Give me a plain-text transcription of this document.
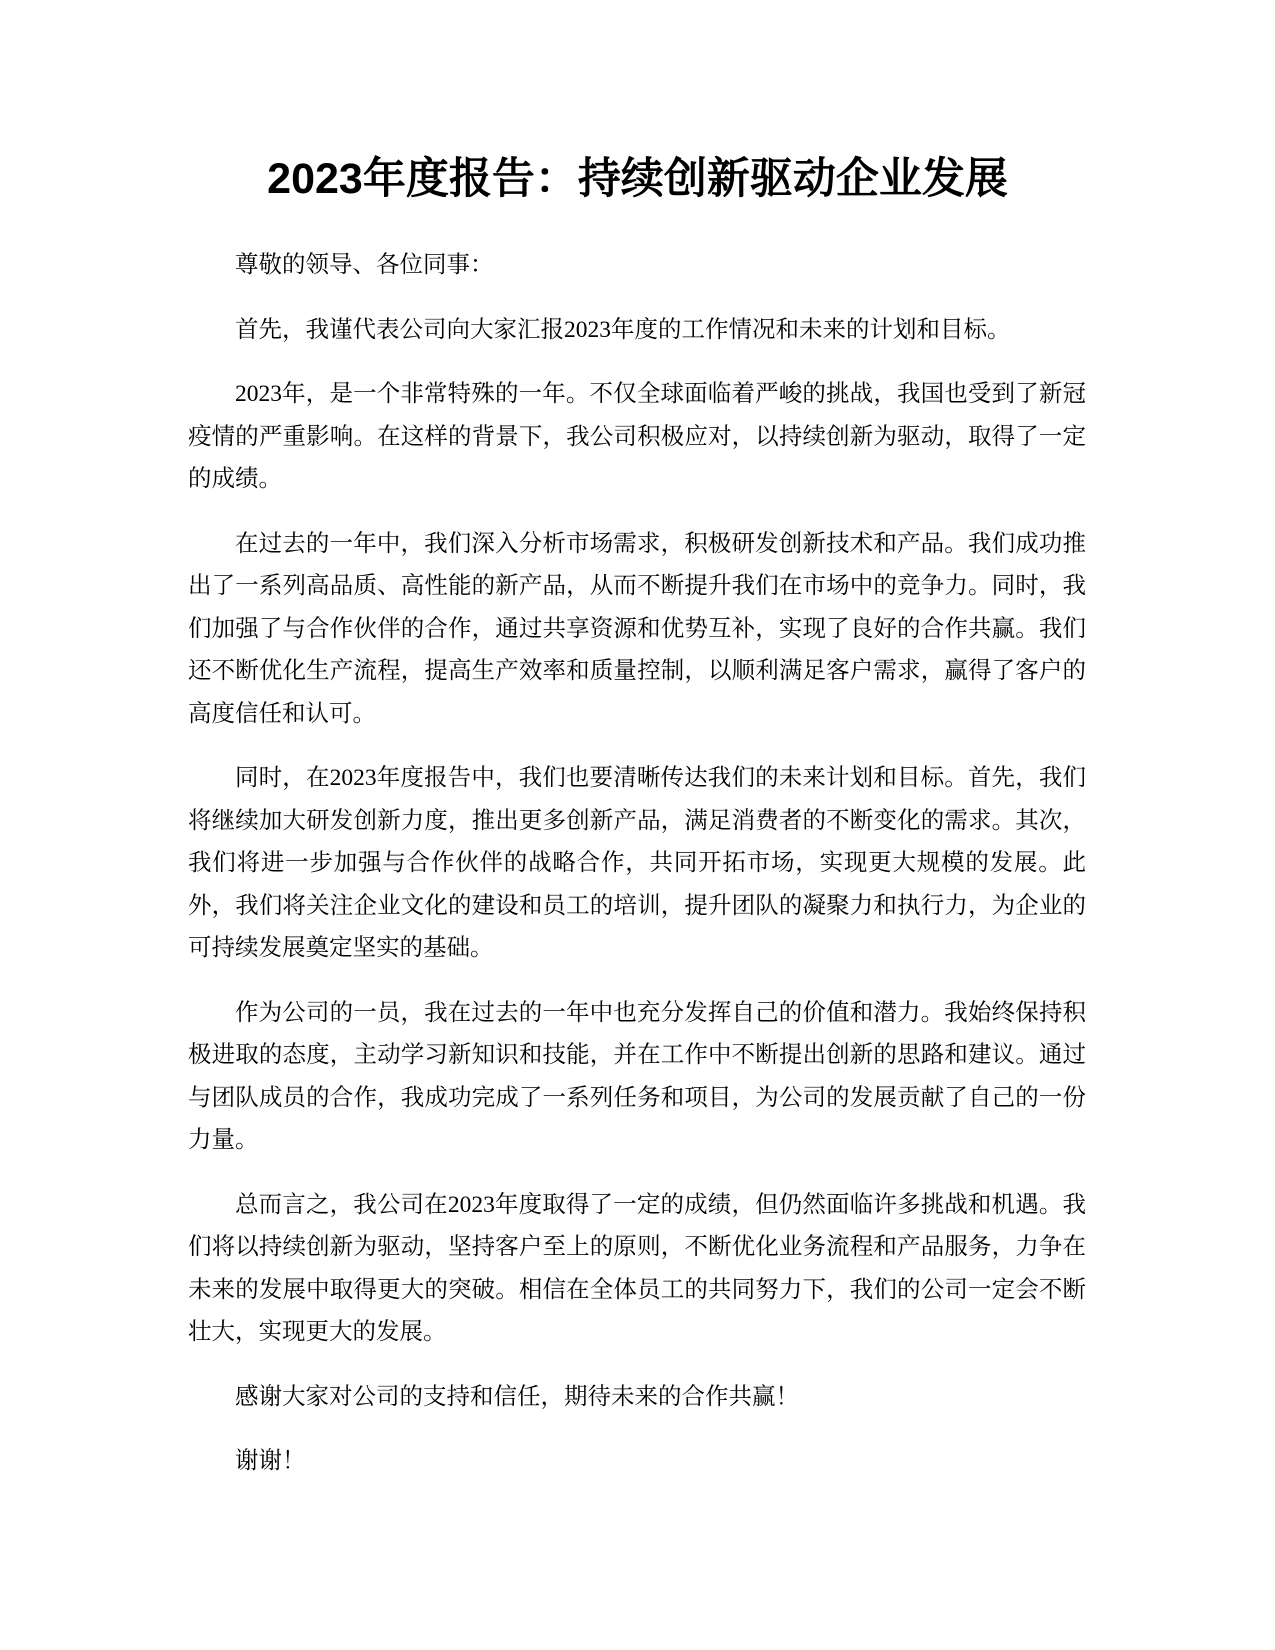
2023年度报告：持续创新驱动企业发展

尊敬的领导、各位同事：

首先，我谨代表公司向大家汇报2023年度的工作情况和未来的计划和目标。

2023年，是一个非常特殊的一年。不仅全球面临着严峻的挑战，我国也受到了新冠疫情的严重影响。在这样的背景下，我公司积极应对，以持续创新为驱动，取得了一定的成绩。

在过去的一年中，我们深入分析市场需求，积极研发创新技术和产品。我们成功推出了一系列高品质、高性能的新产品，从而不断提升我们在市场中的竞争力。同时，我们加强了与合作伙伴的合作，通过共享资源和优势互补，实现了良好的合作共赢。我们还不断优化生产流程，提高生产效率和质量控制，以顺利满足客户需求，赢得了客户的高度信任和认可。

同时，在2023年度报告中，我们也要清晰传达我们的未来计划和目标。首先，我们将继续加大研发创新力度，推出更多创新产品，满足消费者的不断变化的需求。其次，我们将进一步加强与合作伙伴的战略合作，共同开拓市场，实现更大规模的发展。此外，我们将关注企业文化的建设和员工的培训，提升团队的凝聚力和执行力，为企业的可持续发展奠定坚实的基础。

作为公司的一员，我在过去的一年中也充分发挥自己的价值和潜力。我始终保持积极进取的态度，主动学习新知识和技能，并在工作中不断提出创新的思路和建议。通过与团队成员的合作，我成功完成了一系列任务和项目，为公司的发展贡献了自己的一份力量。

总而言之，我公司在2023年度取得了一定的成绩，但仍然面临许多挑战和机遇。我们将以持续创新为驱动，坚持客户至上的原则，不断优化业务流程和产品服务，力争在未来的发展中取得更大的突破。相信在全体员工的共同努力下，我们的公司一定会不断壮大，实现更大的发展。

感谢大家对公司的支持和信任，期待未来的合作共赢！

谢谢！
